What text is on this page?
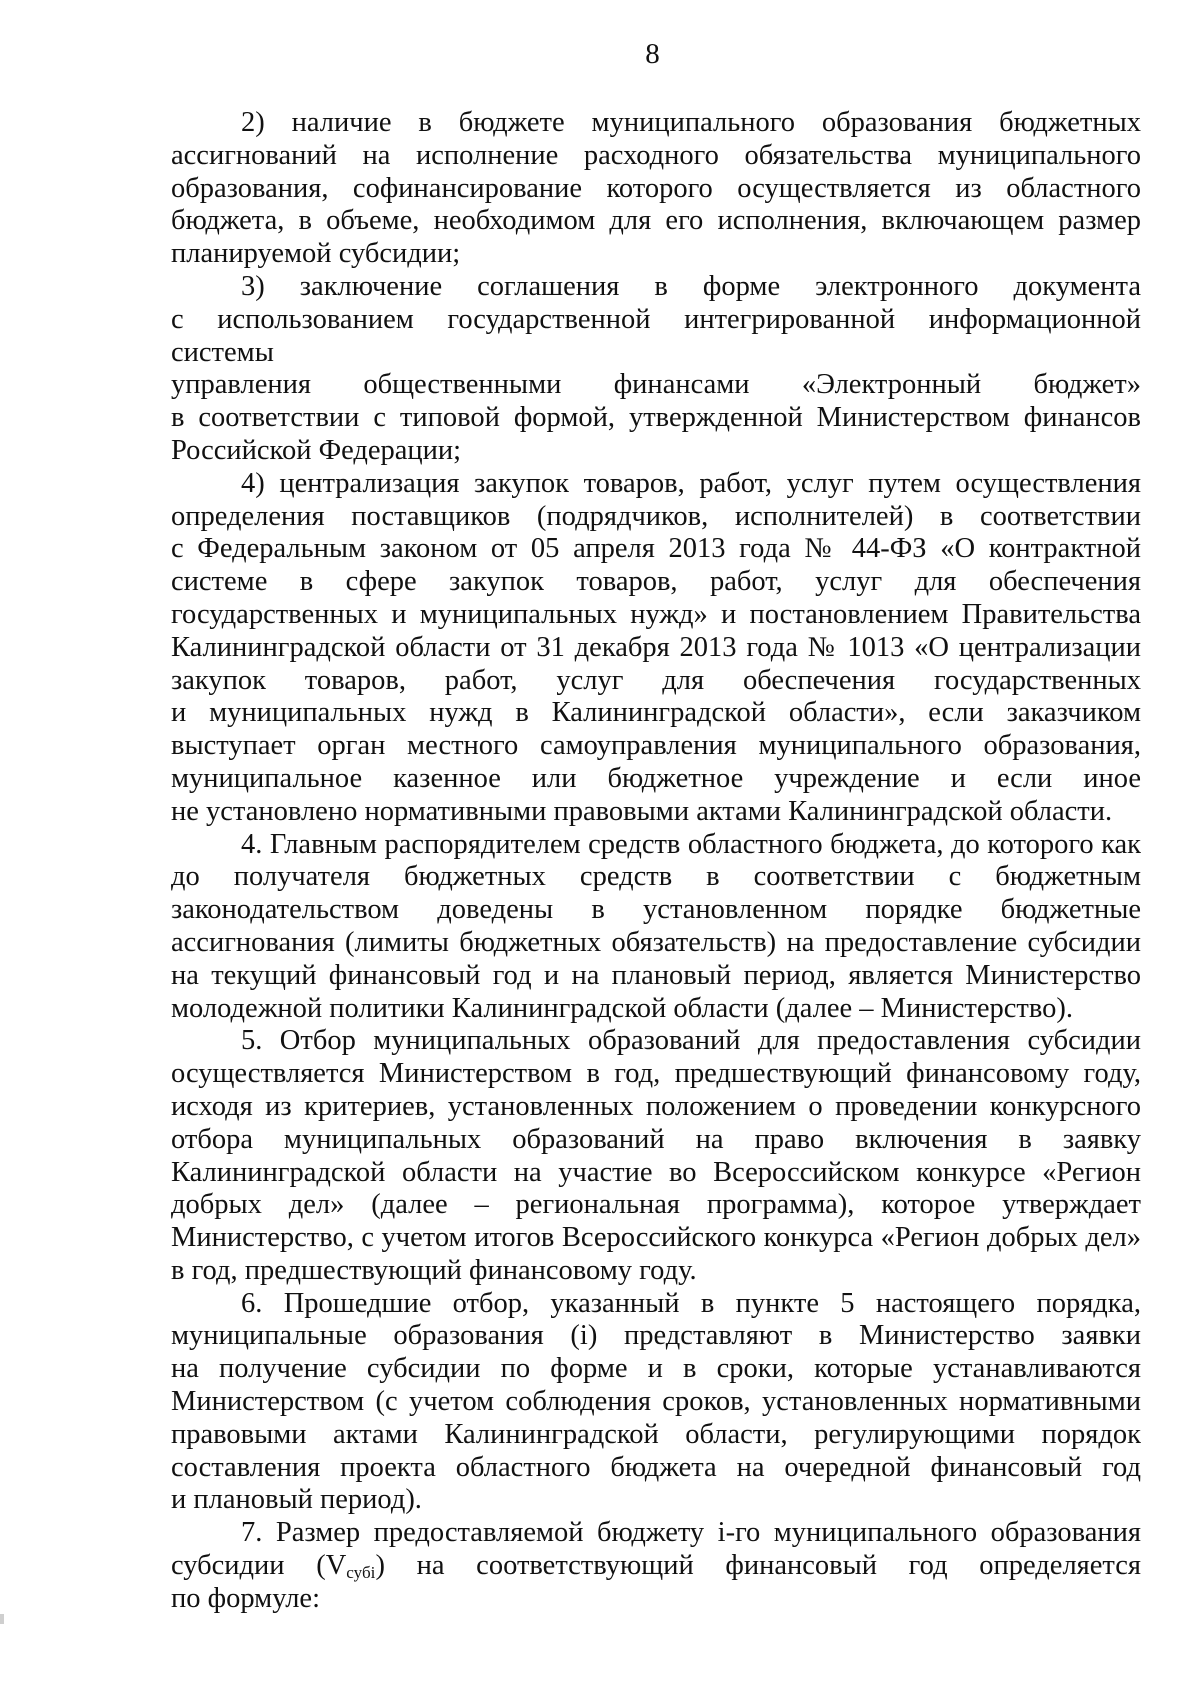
8

2) наличие в бюджете муниципального образования бюджетных
ассигнований на исполнение расходного обязательства муниципального
образования, софинансирование которого осуществляется из областного
бюджета, в объеме, необходимом для его исполнения, включающем размер
планируемой субсидии;

3) заключение соглашения в форме электронного документа
с использованием государственной интегрированной информационной системы
управления общественными финансами «Электронный бюджет»
в соответствии с типовой формой, утвержденной Министерством финансов
Российской Федерации;

4) централизация закупок товаров, работ, услуг путем осуществления
определения поставщиков (подрядчиков, исполнителей) в соответствии
с Федеральным законом от 05 апреля 2013 года № 44-ФЗ «О контрактной
системе в сфере закупок товаров, работ, услуг для обеспечения
государственных и муниципальных нужд» и постановлением Правительства
Калининградской области от 31 декабря 2013 года № 1013 «О централизации
закупок товаров, работ, услуг для обеспечения государственных
и муниципальных нужд в Калининградской области», если заказчиком
выступает орган местного самоуправления муниципального образования,
муниципальное казенное или бюджетное учреждение и если иное
не установлено нормативными правовыми актами Калининградской области.

4. Главным распорядителем средств областного бюджета, до которого как
до получателя бюджетных средств в соответствии с бюджетным
законодательством доведены в установленном порядке бюджетные
ассигнования (лимиты бюджетных обязательств) на предоставление субсидии
на текущий финансовый год и на плановый период, является Министерство
молодежной политики Калининградской области (далее – Министерство).

5. Отбор муниципальных образований для предоставления субсидии
осуществляется Министерством в год, предшествующий финансовому году,
исходя из критериев, установленных положением о проведении конкурсного
отбора муниципальных образований на право включения в заявку
Калининградской области на участие во Всероссийском конкурсе «Регион
добрых дел» (далее – региональная программа), которое утверждает
Министерство, с учетом итогов Всероссийского конкурса «Регион добрых дел»
в год, предшествующий финансовому году.

6. Прошедшие отбор, указанный в пункте 5 настоящего порядка,
муниципальные образования (i) представляют в Министерство заявки
на получение субсидии по форме и в сроки, которые устанавливаются
Министерством (с учетом соблюдения сроков, установленных нормативными
правовыми актами Калининградской области, регулирующими порядок
составления проекта областного бюджета на очередной финансовый год
и плановый период).

7. Размер предоставляемой бюджету i-го муниципального образования
субсидии $(V_{субi})$ на соответствующий финансовый год определяется
по формуле:
